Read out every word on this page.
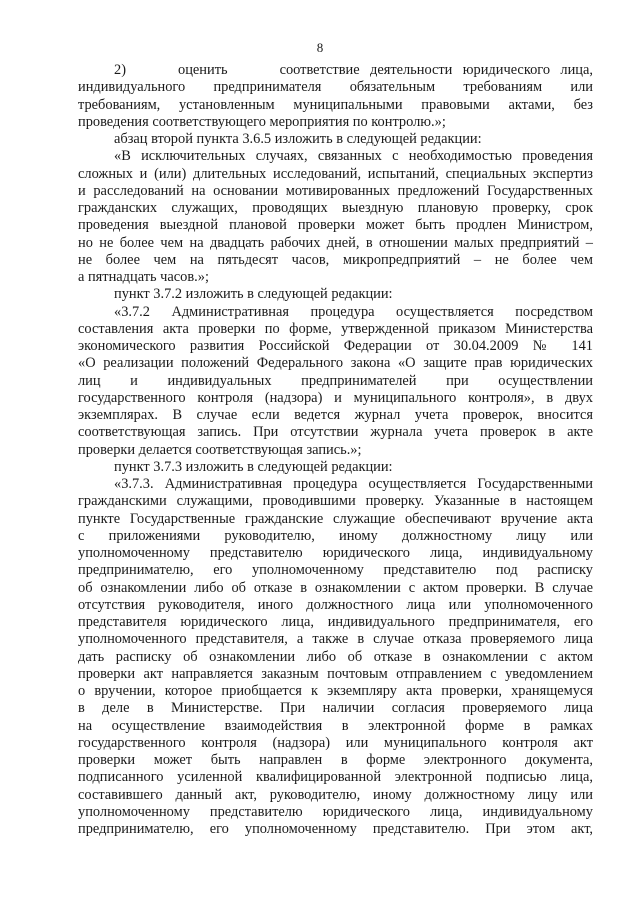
8
2)     оценить     соответствие деятельности юридического лица,
индивидуального предпринимателя обязательным требованиям или
требованиям, установленным муниципальными правовыми актами, без
проведения соответствующего мероприятия по контролю.»;
абзац второй пункта 3.6.5 изложить в следующей редакции:
«В исключительных случаях, связанных с необходимостью проведения
сложных и (или) длительных исследований, испытаний, специальных экспертиз
и расследований на основании мотивированных предложений Государственных
гражданских служащих, проводящих выездную плановую проверку, срок
проведения выездной плановой проверки может быть продлен Министром,
но не более чем на двадцать рабочих дней, в отношении малых предприятий –
не более чем на пятьдесят часов, микропредприятий – не более чем
а пятнадцать часов.»;
пункт 3.7.2 изложить в следующей редакции:
«3.7.2 Административная процедура осуществляется посредством
составления акта проверки по форме, утвержденной приказом Министерства
экономического развития Российской Федерации от 30.04.2009 № 141
«О реализации положений Федерального закона «О защите прав юридических
лиц и индивидуальных предпринимателей при осуществлении
государственного контроля (надзора) и муниципального контроля», в двух
экземплярах. В случае если ведется журнал учета проверок, вносится
соответствующая запись. При отсутствии журнала учета проверок в акте
проверки делается соответствующая запись.»;
пункт 3.7.3 изложить в следующей редакции:
«3.7.3. Административная процедура осуществляется Государственными
гражданскими служащими, проводившими проверку. Указанные в настоящем
пункте Государственные гражданские служащие обеспечивают вручение акта
с приложениями руководителю, иному должностному лицу или
уполномоченному представителю юридического лица, индивидуальному
предпринимателю, его уполномоченному представителю под расписку
об ознакомлении либо об отказе в ознакомлении с актом проверки. В случае
отсутствия руководителя, иного должностного лица или уполномоченного
представителя юридического лица, индивидуального предпринимателя, его
уполномоченного представителя, а также в случае отказа проверяемого лица
дать расписку об ознакомлении либо об отказе в ознакомлении с актом
проверки акт направляется заказным почтовым отправлением с уведомлением
о вручении, которое приобщается к экземпляру акта проверки, хранящемуся
в деле в Министерстве. При наличии согласия проверяемого лица
на осуществление взаимодействия в электронной форме в рамках
государственного контроля (надзора) или муниципального контроля акт
проверки может быть направлен в форме электронного документа,
подписанного усиленной квалифицированной электронной подписью лица,
составившего данный акт, руководителю, иному должностному лицу или
уполномоченному представителю юридического лица, индивидуальному
предпринимателю, его уполномоченному представителю. При этом акт,
